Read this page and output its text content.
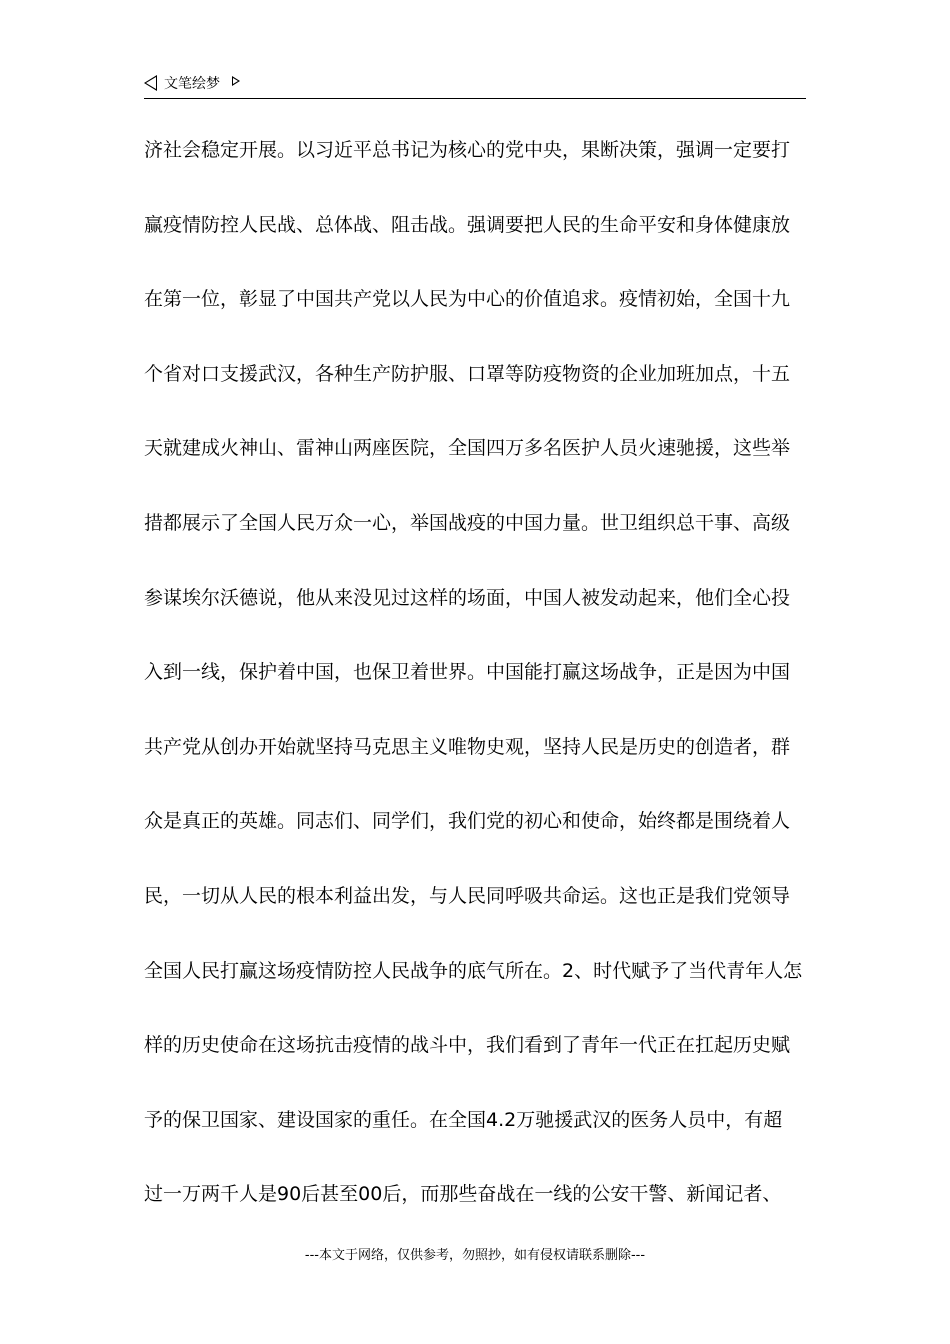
文笔绘梦
济社会稳定开展。以习近平总书记为核心的党中央，果断决策，强调一定要打
赢疫情防控人民战、总体战、阻击战。强调要把人民的生命平安和身体健康放
在第一位，彰显了中国共产党以人民为中心的价值追求。疫情初始，全国十九
个省对口支援武汉，各种生产防护服、口罩等防疫物资的企业加班加点，十五
天就建成火神山、雷神山两座医院，全国四万多名医护人员火速驰援，这些举
措都展示了全国人民万众一心，举国战疫的中国力量。世卫组织总干事、高级
参谋埃尔沃德说，他从来没见过这样的场面，中国人被发动起来，他们全心投
入到一线，保护着中国，也保卫着世界。中国能打赢这场战争，正是因为中国
共产党从创办开始就坚持马克思主义唯物史观，坚持人民是历史的创造者，群
众是真正的英雄。同志们、同学们，我们党的初心和使命，始终都是围绕着人
民，一切从人民的根本利益出发，与人民同呼吸共命运。这也正是我们党领导
全国人民打赢这场疫情防控人民战争的底气所在。2、时代赋予了当代青年人怎
样的历史使命在这场抗击疫情的战斗中，我们看到了青年一代正在扛起历史赋
予的保卫国家、建设国家的重任。在全国4.2万驰援武汉的医务人员中，有超
过一万两千人是90后甚至00后，而那些奋战在一线的公安干警、新闻记者、
---本文于网络，仅供参考，勿照抄，如有侵权请联系删除---
